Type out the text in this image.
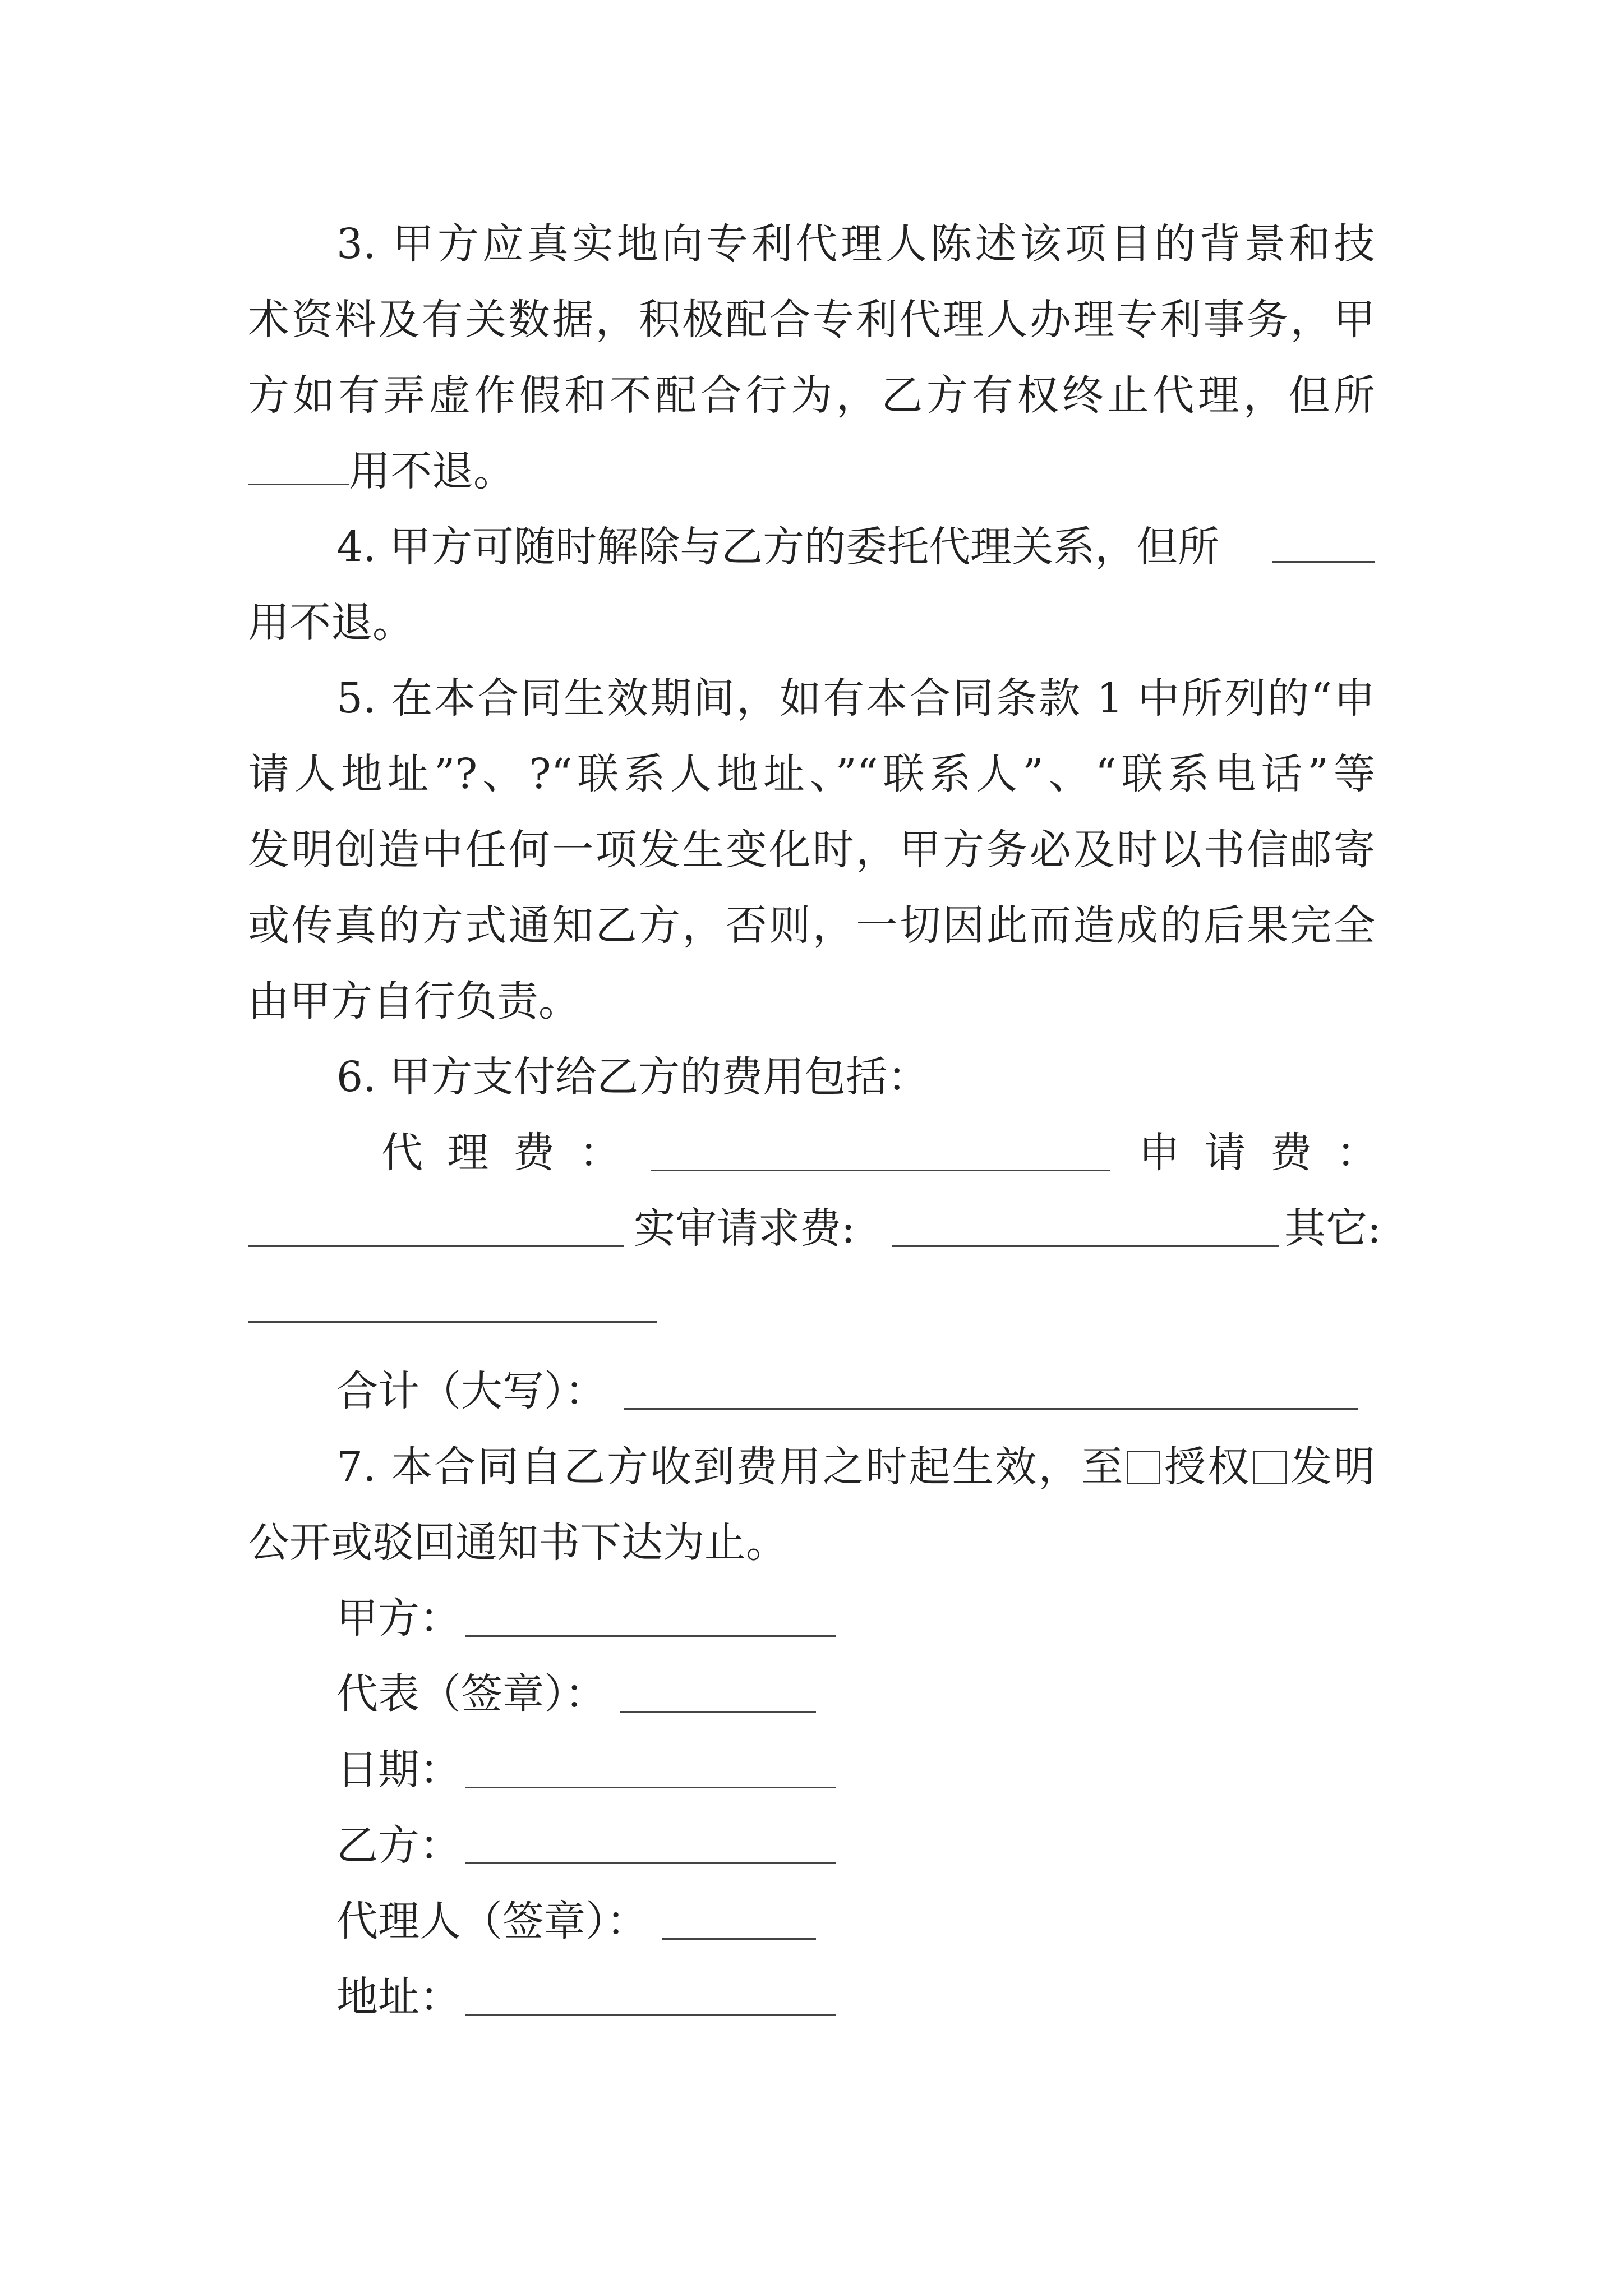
3. 甲方应真实地向专利代理人陈述该项目的背景和技
术资料及有关数据，积极配合专利代理人办理专利事务，甲
方如有弄虚作假和不配合行为，乙方有权终止代理，但所
用不退。
4. 甲方可随时解除与乙方的委托代理关系，但所
用不退。
5. 在本合同生效期间，如有本合同条款 1 中所列的“申
请人地址”?、?“联系人地址、”“联系人”、“联系电话”等
发明创造中任何一项发生变化时，甲方务必及时以书信邮寄
或传真的方式通知乙方，否则，一切因此而造成的后果完全
由甲方自行负责。
6. 甲方支付给乙方的费用包括：
代 理 费 ：	申 请 费 ：
实审请求费:	其它:
合计（大写）：
7. 本合同自乙方收到费用之时起生效，至 授权 发明
公开或驳回通知书下达为止。
甲方：
代表（签章）：
日期：
乙方：
代理人（签章）：
地址：
